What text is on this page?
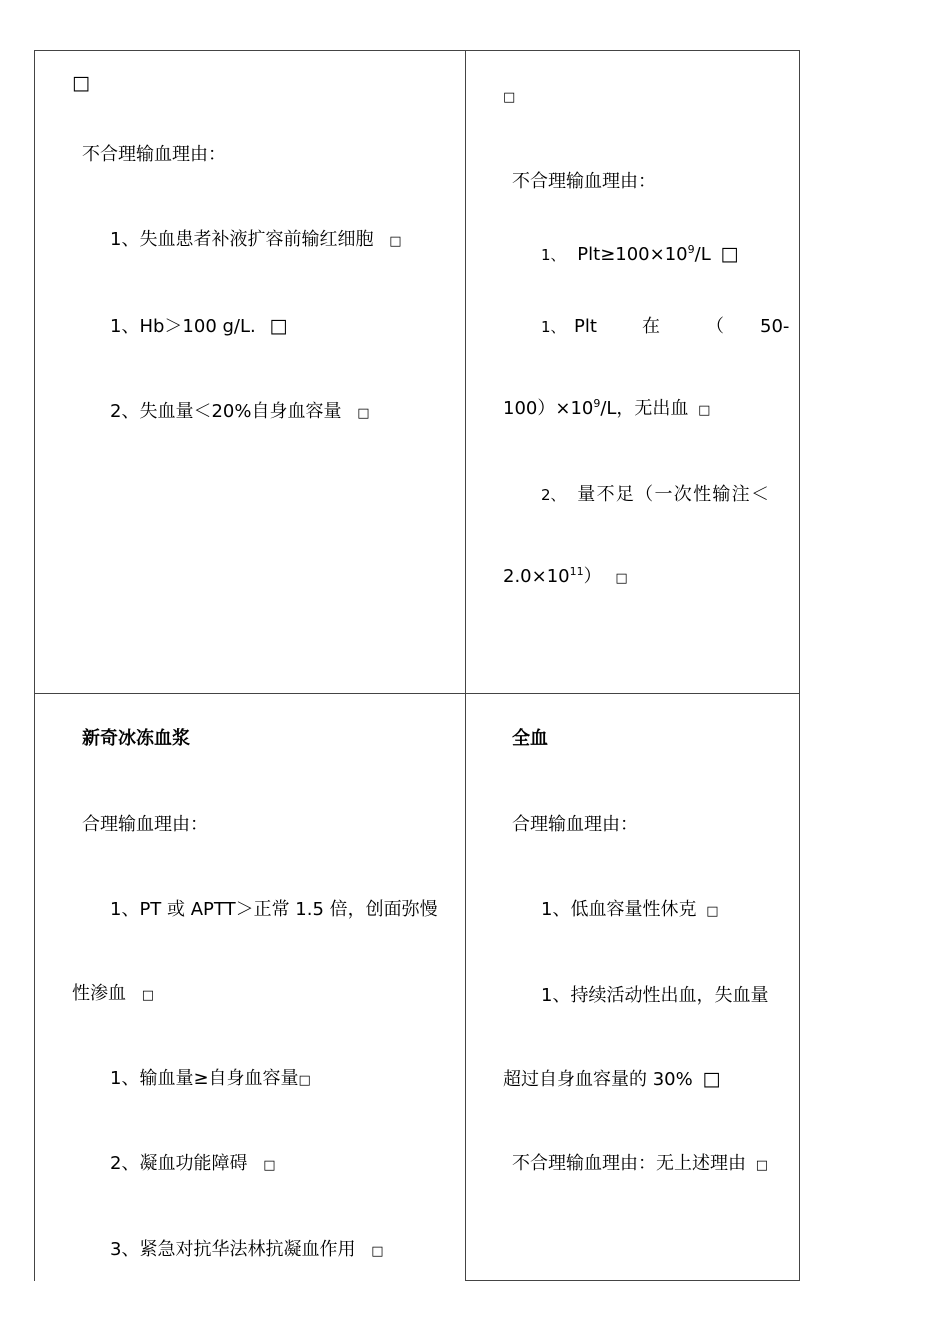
□
不合理输血理由：
1、失血患者补液扩容前输红细胞 □
1、Hb＞100 g/L. □
2、失血量＜20%自身血容量 □
□
不合理输血理由：
1、 $Plt\ge 100\times 10^9/L$ □
1、 Plt	在	（ 50-
$100)\times 10^9/L$，无出血 □
2、 量不足（一次性输注＜
$2.0\times 10^{11}$） □
新奇冰冻血浆
合理输血理由：
1、PT 或 APTT＞正常 1.5 倍，创面弥慢
性渗血 □
1、输血量≥自身血容量□
2、凝血功能障碍 □
3、紧急对抗华法林抗凝血作用 □
全血
合理输血理由：
1、低血容量性休克 □
1、持续活动性出血，失血量
超过自身血容量的 30% □
不合理输血理由：无上述理由 □
